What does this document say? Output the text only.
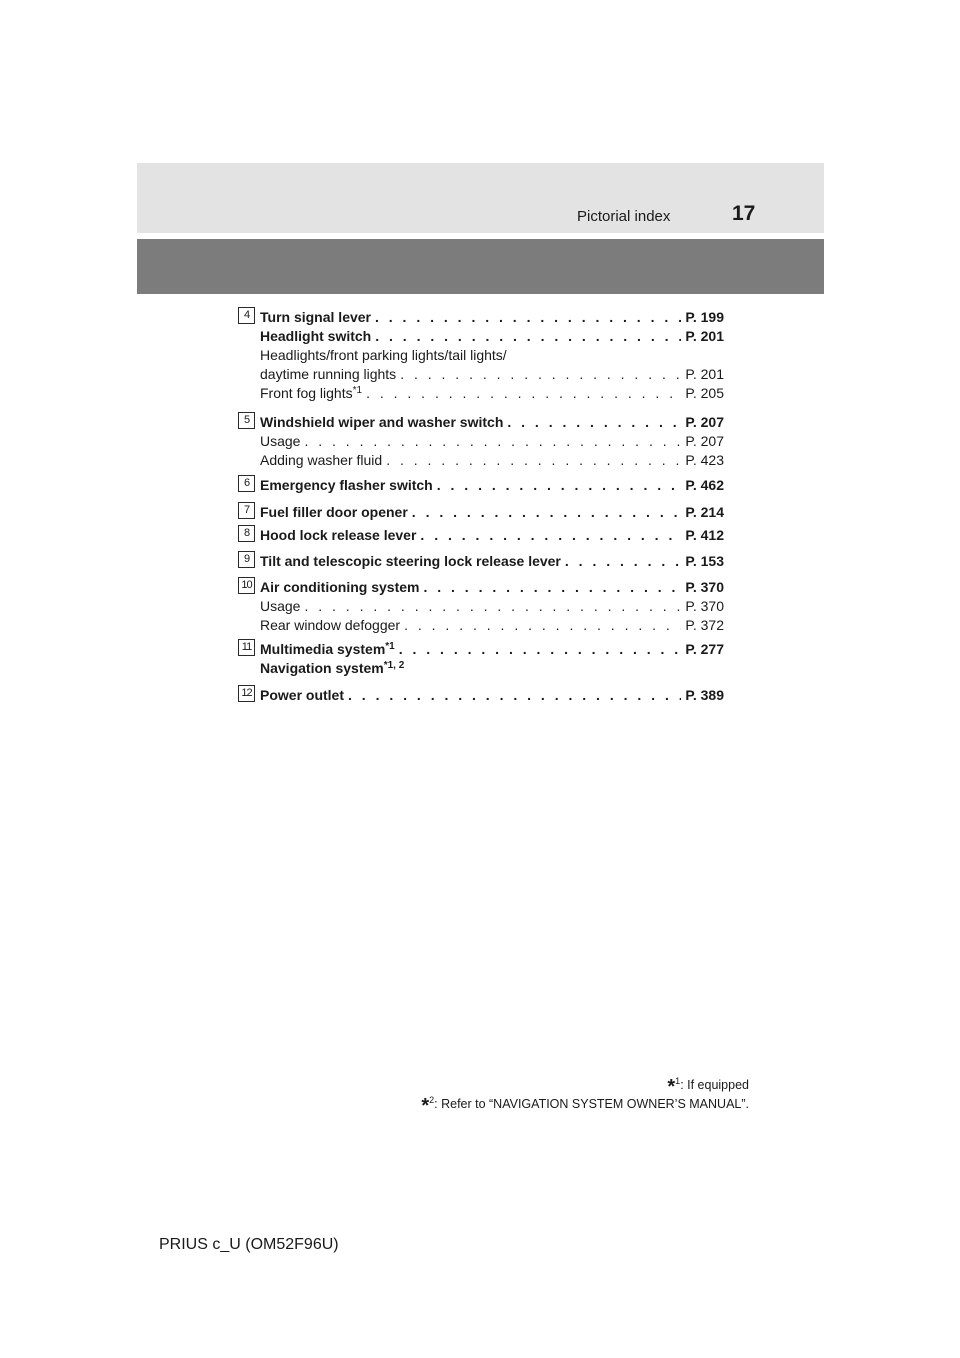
Pictorial index	17
4 Turn signal lever . . .	P. 199
Headlight switch . . .	P. 201
Headlights/front parking lights/tail lights/
daytime running lights . . .	P. 201
Front fog lights$^{*1}$ . . .	P. 205
5 Windshield wiper and washer switch . . .	P. 207
Usage . . .	P. 207
Adding washer fluid . . .	P. 423
6 Emergency flasher switch . . .	P. 462
7 Fuel filler door opener . . .	P. 214
8 Hood lock release lever . . .	P. 412
9 Tilt and telescopic steering lock release lever . . .	P. 153
10 Air conditioning system . . .	P. 370
Usage . . .	P. 370
Rear window defogger . . .	P. 372
11 Multimedia system$^{*1}$ . . .	P. 277
Navigation system$^{*1, 2}$
12 Power outlet . . .	P. 389
*$^1$: If equipped
*$^2$: Refer to “NAVIGATION SYSTEM OWNER’S MANUAL”.
PRIUS c_U (OM52F96U)
